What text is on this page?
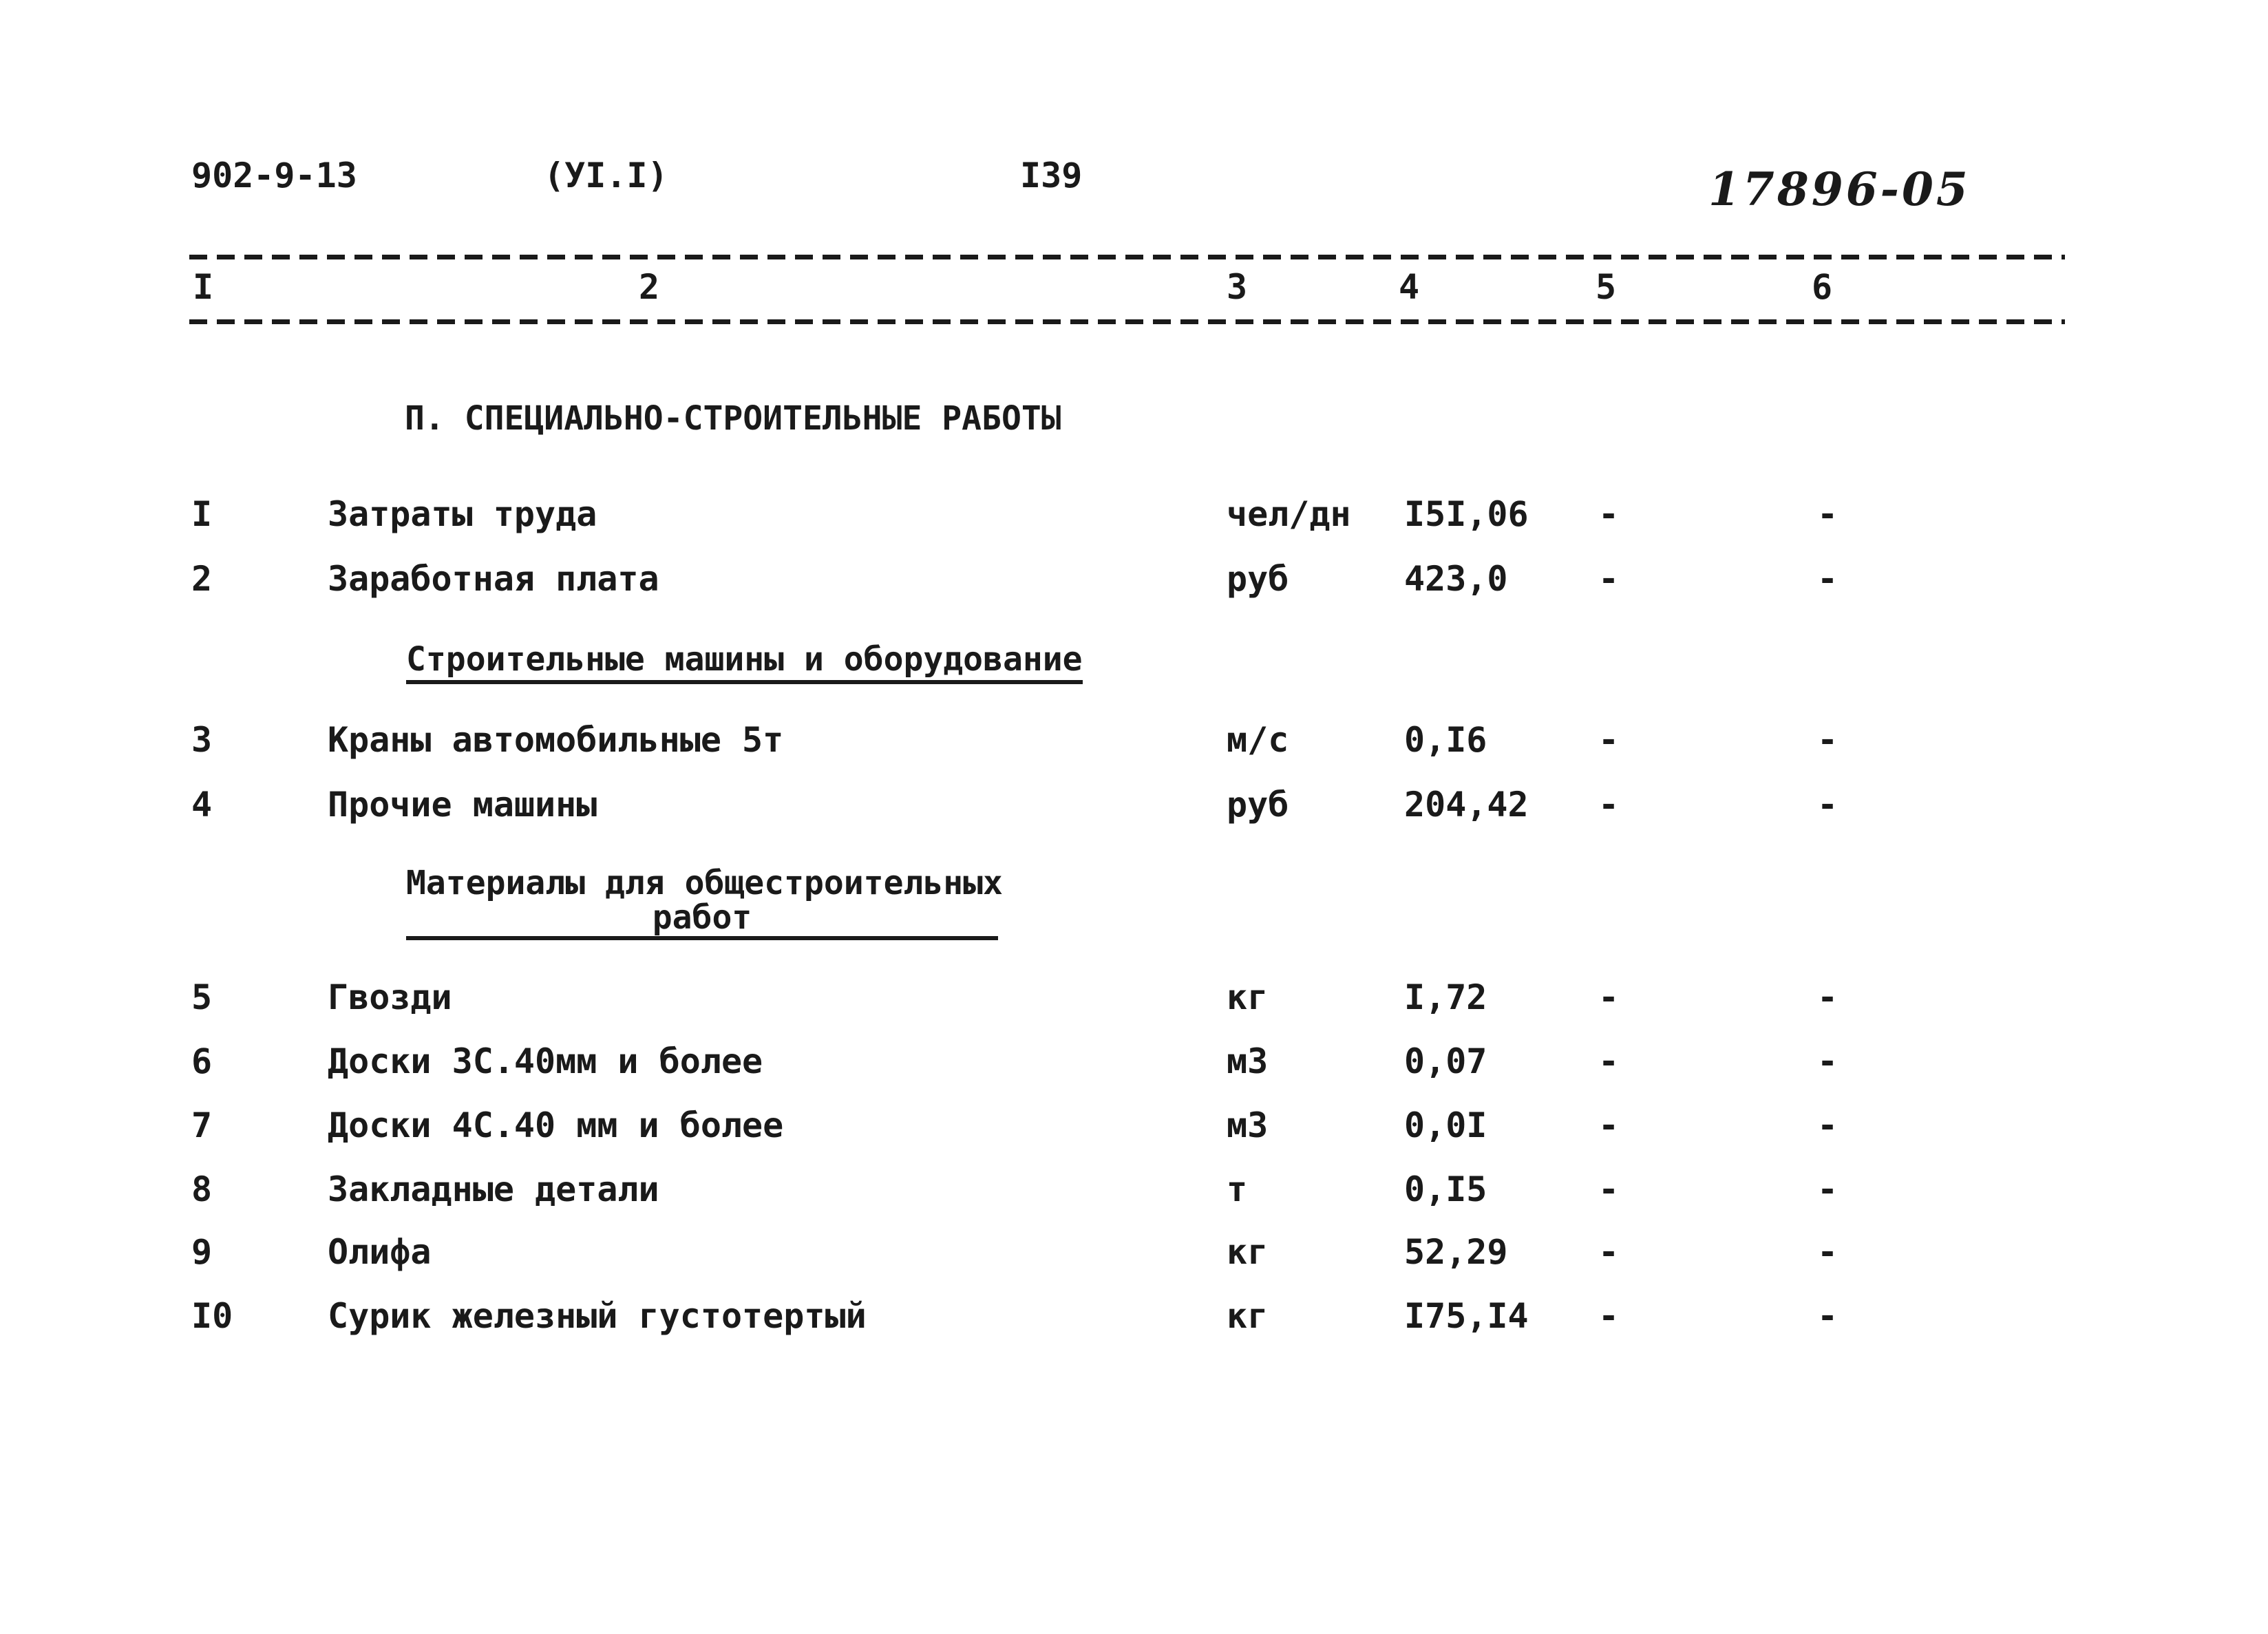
902-9-13	(УI.I)	I39	17896-05
I	2	3	4	5	6
П. СПЕЦИАЛЬНО-СТРОИТЕЛЬНЫЕ РАБОТЫ
I	Затраты труда	чел/дн I5I,06 -	-
2	Заработная плата	руб	423,0	-	-
Строительные машины и оборудование
3	Краны автомобильные 5т	м/с	0,I6	-	-
4	Прочие машины	руб	204,42 -	-
Материалы для общестроительных
работ
5	Гвозди	кг	I,72	-	-
6	Доски 3С.40мм и более	м3	0,07	-	-
7	Доски 4С.40 мм и более	м3	0,0I	-	-
8	Закладные детали	т	0,I5	-	-
9	Олифа	кг	52,29	-	-
I0	Сурик железный густотертый	кг	I75,I4 -	-
